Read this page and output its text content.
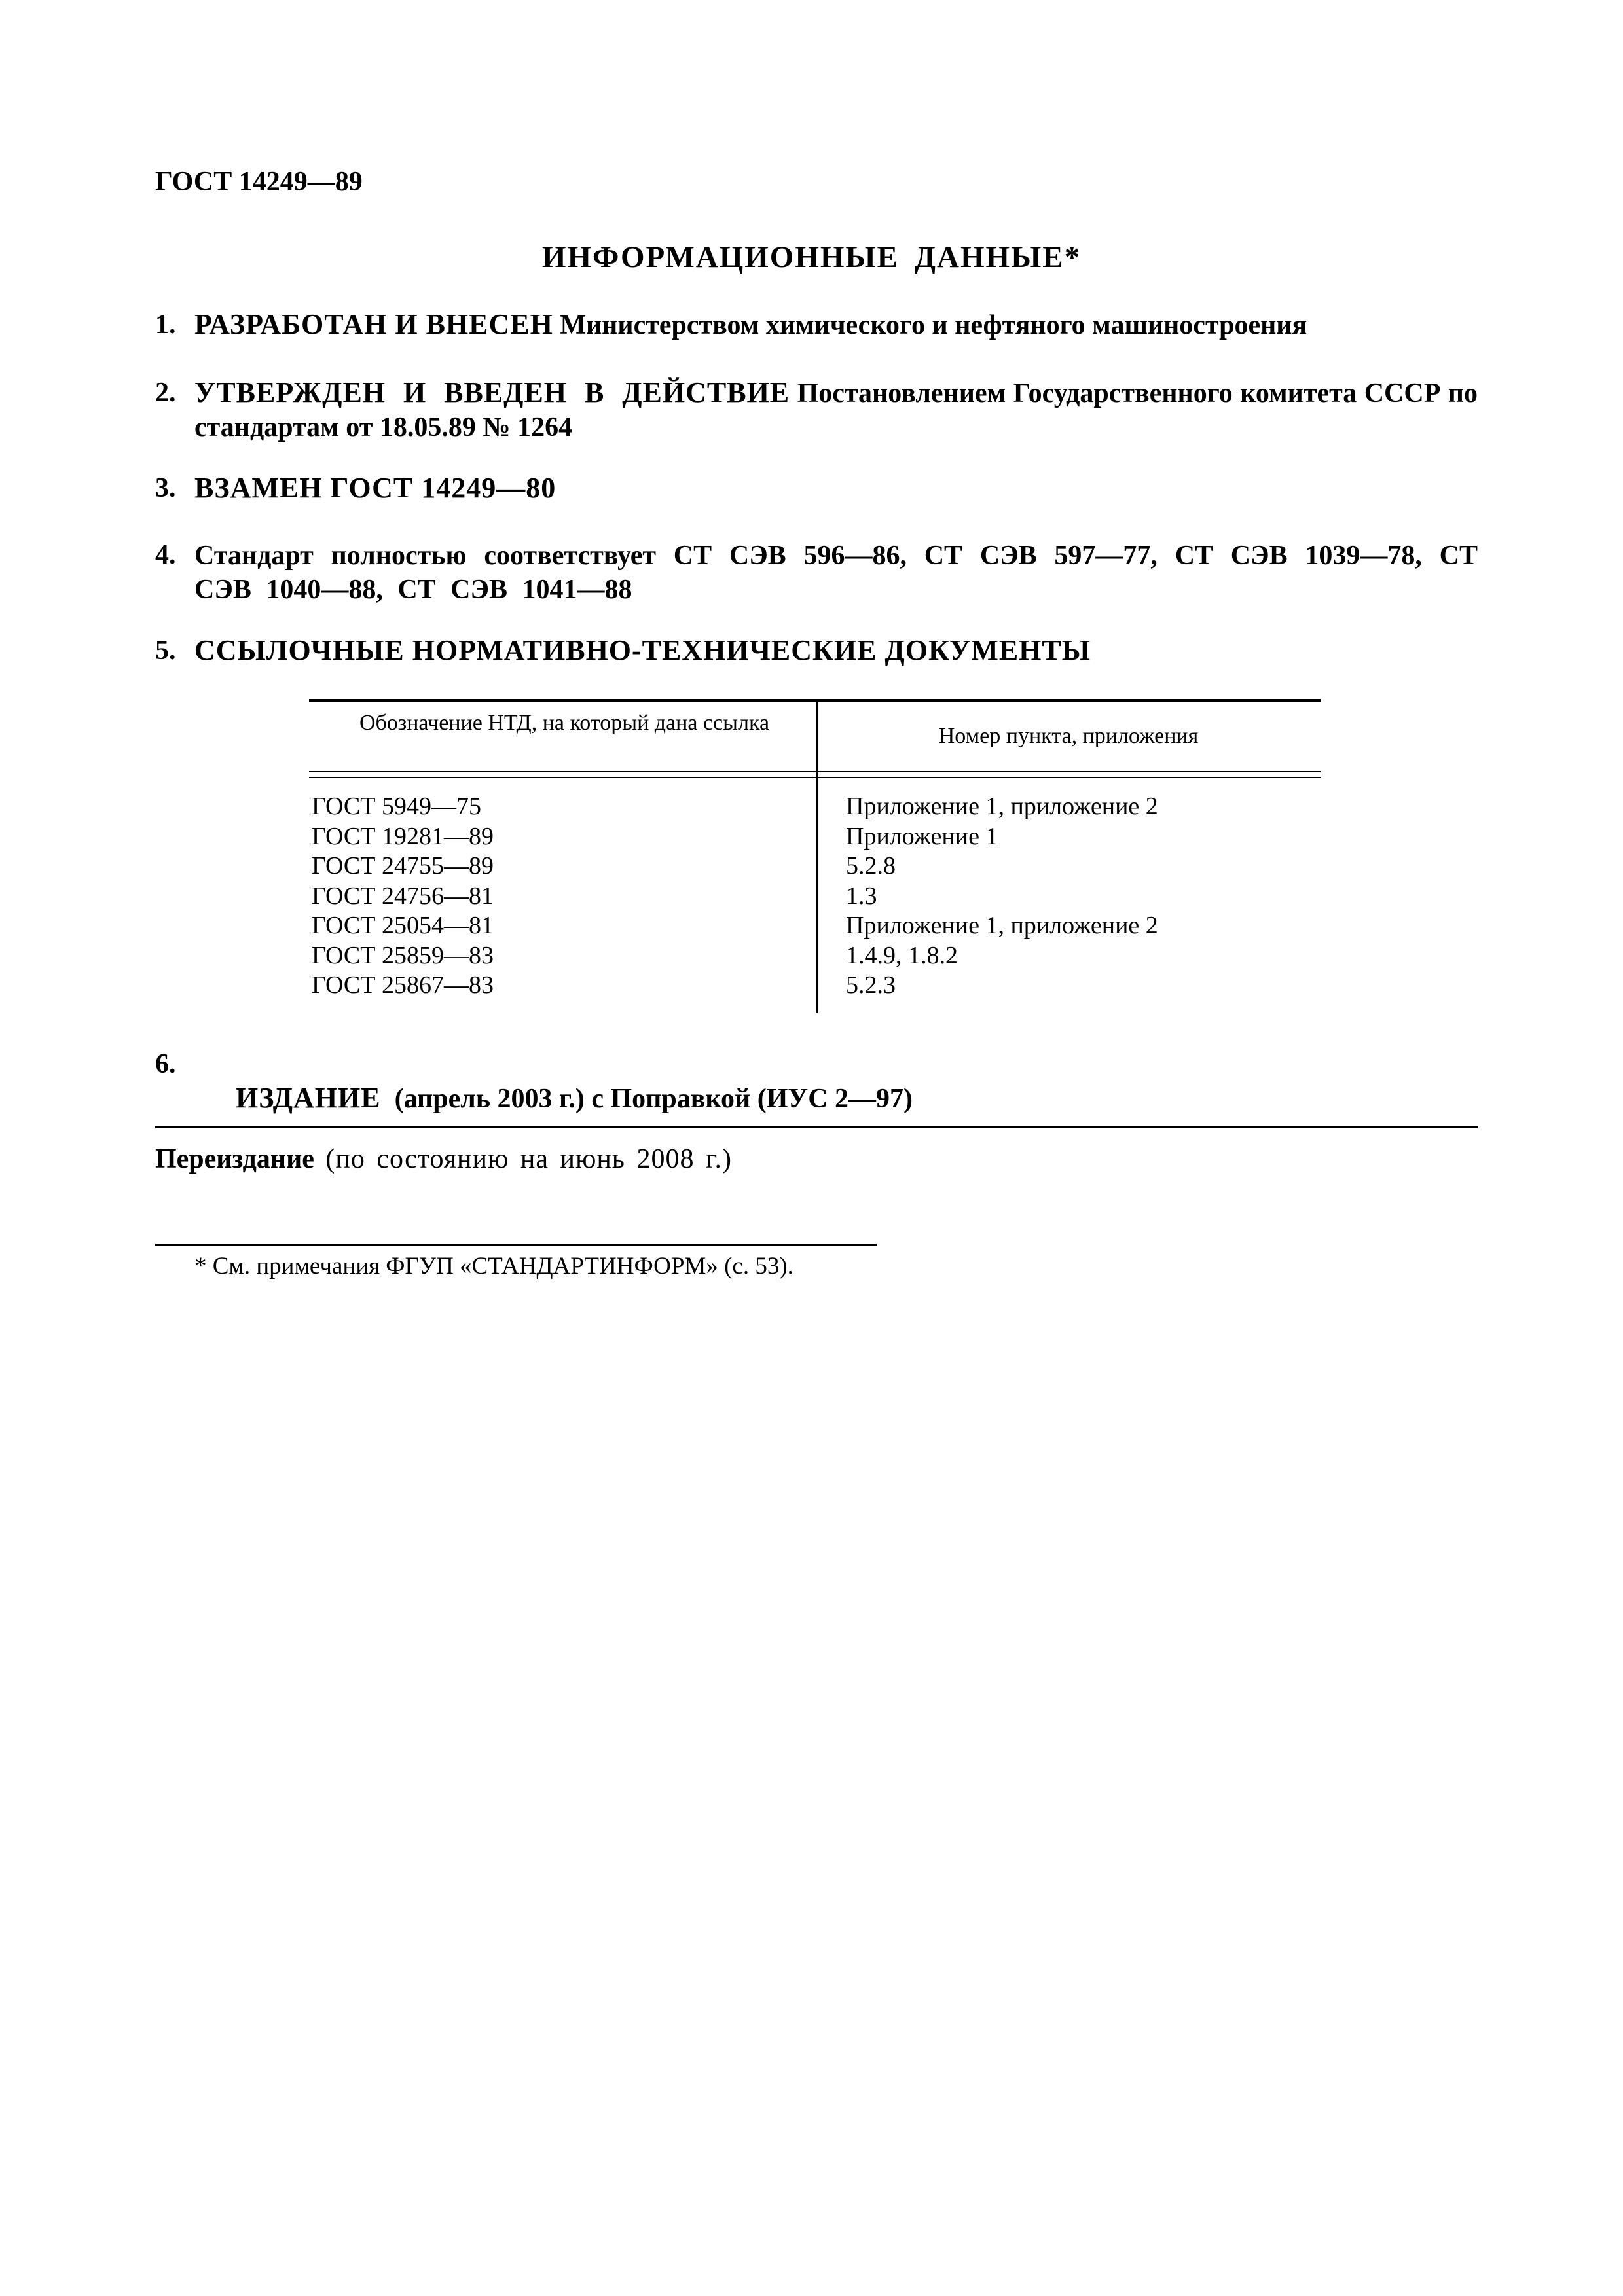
ГОСТ 14249—89
ИНФОРМАЦИОННЫЕ ДАННЫЕ*
1. РАЗРАБОТАН И ВНЕСЕН Министерством химического и нефтяного машиностроения
2. УТВЕРЖДЕН И ВВЕДЕН В ДЕЙСТВИЕ Постановлением Государственного комитета СССР по стандартам от 18.05.89 № 1264
3. ВЗАМЕН ГОСТ 14249—80
4. Стандарт полностью соответствует СТ СЭВ 596—86, СТ СЭВ 597—77, СТ СЭВ 1039—78, СТ СЭВ 1040—88, СТ СЭВ 1041—88
5. ССЫЛОЧНЫЕ НОРМАТИВНО-ТЕХНИЧЕСКИЕ ДОКУМЕНТЫ
Обозначение НТД, на который дана ссылка
Номер пункта, приложения
ГОСТ 5949—75
ГОСТ 19281—89
ГОСТ 24755—89
ГОСТ 24756—81
ГОСТ 25054—81
ГОСТ 25859—83
ГОСТ 25867—83
Приложение 1, приложение 2
Приложение 1
5.2.8
1.3
Приложение 1, приложение 2
1.4.9, 1.8.2
5.2.3
6.

ИЗДАНИЕ  (апрель 2003 г.) с Поправкой (ИУС 2—97)

Переиздание (по состоянию на июнь 2008 г.)
* См. примечания ФГУП «СТАНДАРТИНФОРМ» (с. 53).
